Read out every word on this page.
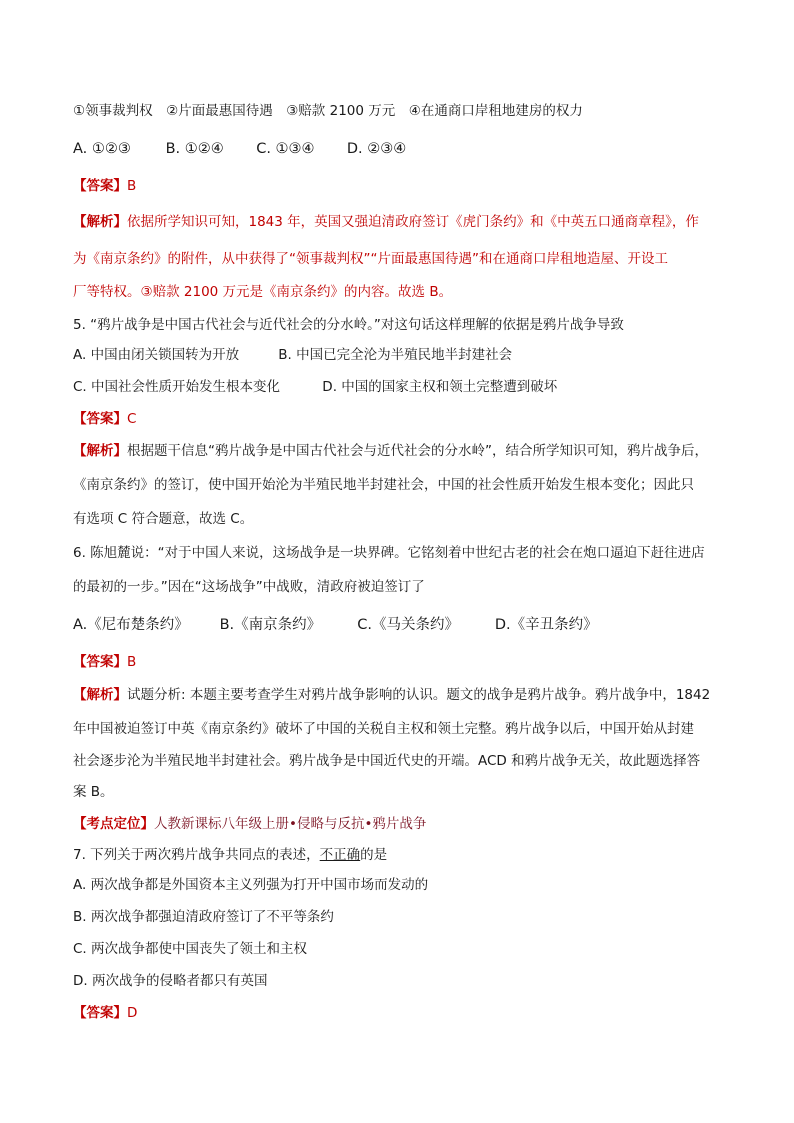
①领事裁判权　②片面最惠国待遇　③赔款 2100 万元　④在通商口岸租地建房的权力
A. ①②③ B. ①②④ C. ①③④ D. ②③④
【答案】B
【解析】依据所学知识可知，1843 年，英国又强迫清政府签订《虎门条约》和《中英五口通商章程》，作
为《南京条约》的附件，从中获得了“领事裁判权”“片面最惠国待遇”和在通商口岸租地造屋、开设工
厂等特权。③赔款 2100 万元是《南京条约》的内容。故选 B。
5. “鸦片战争是中国古代社会与近代社会的分水岭。”对这句话这样理解的依据是鸦片战争导致
A. 中国由闭关锁国转为开放	B. 中国已完全沦为半殖民地半封建社会
C. 中国社会性质开始发生根本变化	D. 中国的国家主权和领土完整遭到破坏
【答案】C
【解析】根据题干信息“鸦片战争是中国古代社会与近代社会的分水岭”，结合所学知识可知，鸦片战争后，
《南京条约》的签订，使中国开始沦为半殖民地半封建社会，中国的社会性质开始发生根本变化；因此只
有选项 C 符合题意，故选 C。
6. 陈旭麓说：“对于中国人来说，这场战争是一块界碑。它铭刻着中世纪古老的社会在炮口逼迫下赶往进店
的最初的一步。”因在“这场战争”中战败，清政府被迫签订了
A.《尼布楚条约》 B.《南京条约》 C.《马关条约》 D.《辛丑条约》
【答案】B
【解析】试题分析: 本题主要考查学生对鸦片战争影响的认识。题文的战争是鸦片战争。鸦片战争中，1842
年中国被迫签订中英《南京条约》破坏了中国的关税自主权和领土完整。鸦片战争以后，中国开始从封建
社会逐步沦为半殖民地半封建社会。鸦片战争是中国近代史的开端。ACD 和鸦片战争无关，故此题选择答
案 B。
【考点定位】人教新课标八年级上册•侵略与反抗•鸦片战争
7. 下列关于两次鸦片战争共同点的表述，不正确的是
A. 两次战争都是外国资本主义列强为打开中国市场而发动的
B. 两次战争都强迫清政府签订了不平等条约
C. 两次战争都使中国丧失了领土和主权
D. 两次战争的侵略者都只有英国
【答案】D
